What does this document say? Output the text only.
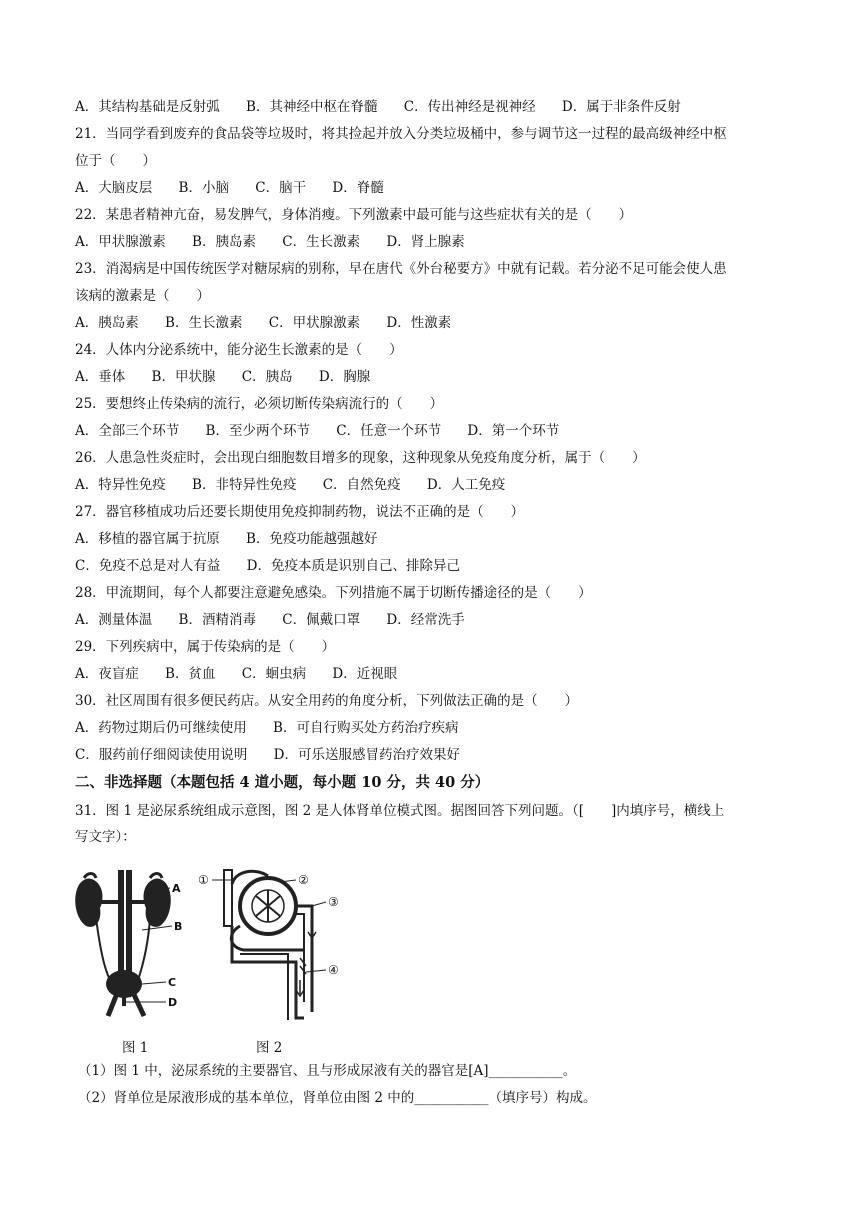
A．其结构基础是反射弧 B．其神经中枢在脊髓 C．传出神经是视神经 D．属于非条件反射
21．当同学看到废弃的食品袋等垃圾时，将其捡起并放入分类垃圾桶中，参与调节这一过程的最高级神经中枢
位于（　　）
A．大脑皮层 B．小脑 C．脑干 D．脊髓
22．某患者精神亢奋，易发脾气，身体消瘦。下列激素中最可能与这些症状有关的是（　　）
A．甲状腺激素 B．胰岛素 C．生长激素 D．肾上腺素
23．消渴病是中国传统医学对糖尿病的别称，早在唐代《外台秘要方》中就有记载。若分泌不足可能会使人患
该病的激素是（　　）
A．胰岛素 B．生长激素 C．甲状腺激素 D．性激素
24．人体内分泌系统中，能分泌生长激素的是（　　）
A．垂体 B．甲状腺 C．胰岛 D．胸腺
25．要想终止传染病的流行，必须切断传染病流行的（　　）
A．全部三个环节 B．至少两个环节 C．任意一个环节 D．第一个环节
26．人患急性炎症时，会出现白细胞数目增多的现象，这种现象从免疫角度分析，属于（　　）
A．特异性免疫 B．非特异性免疫 C．自然免疫 D．人工免疫
27．器官移植成功后还要长期使用免疫抑制药物，说法不正确的是（　　）
A．移植的器官属于抗原 B．免疫功能越强越好
C．免疫不总是对人有益 D．免疫本质是识别自己、排除异己
28．甲流期间，每个人都要注意避免感染。下列措施不属于切断传播途径的是（　　）
A．测量体温 B．酒精消毒 C．佩戴口罩 D．经常洗手
29．下列疾病中，属于传染病的是（　　）
A．夜盲症 B．贫血 C．蛔虫病 D．近视眼
30．社区周围有很多便民药店。从安全用药的角度分析，下列做法正确的是（　　）
A．药物过期后仍可继续使用 B．可自行购买处方药治疗疾病
C．服药前仔细阅读使用说明 D．可乐送服感冒药治疗效果好
二、非选择题（本题包括 4 道小题，每小题 10 分，共 40 分）
31．图 1 是泌尿系统组成示意图，图 2 是人体肾单位模式图。据图回答下列问题。（[　　]内填序号，横线上
写文字）：
A
B
C
D
①	②
③
④
图 1	图 2
（1）图 1 中，泌尿系统的主要器官、且与形成尿液有关的器官是[A]___________。
（2）肾单位是尿液形成的基本单位，肾单位由图 2 中的___________（填序号）构成。
